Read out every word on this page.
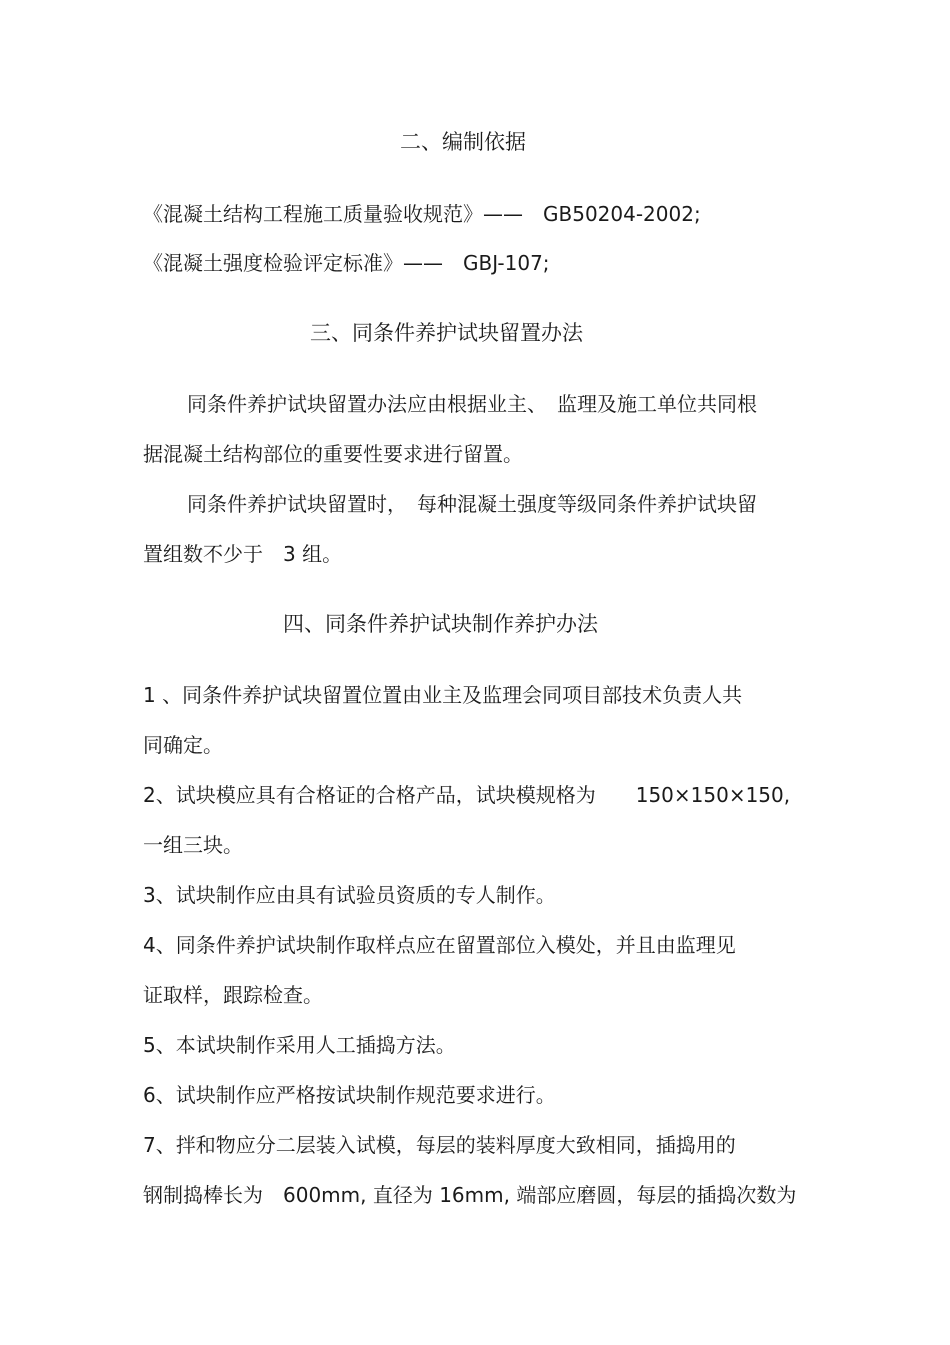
二、编制依据
《混凝土结构工程施工质量验收规范》——　GB50204-2002;
《混凝土强度检验评定标准》——　GBJ-107;
三、同条件养护试块留置办法
同条件养护试块留置办法应由根据业主、　监理及施工单位共同根
据混凝土结构部位的重要性要求进行留置。
同条件养护试块留置时，　每种混凝土强度等级同条件养护试块留
置组数不少于　3 组。
四、同条件养护试块制作养护办法
1 、同条件养护试块留置位置由业主及监理会同项目部技术负责人共
同确定。
2、试块模应具有合格证的合格产品，试块模规格为　　150×150×150,
一组三块。
3、试块制作应由具有试验员资质的专人制作。
4、同条件养护试块制作取样点应在留置部位入模处，并且由监理见
证取样，跟踪检查。
5、本试块制作采用人工插捣方法。
6、试块制作应严格按试块制作规范要求进行。
7、拌和物应分二层装入试模，每层的装料厚度大致相同，插捣用的
钢制捣棒长为　600mm, 直径为 16mm, 端部应磨圆，每层的插捣次数为
